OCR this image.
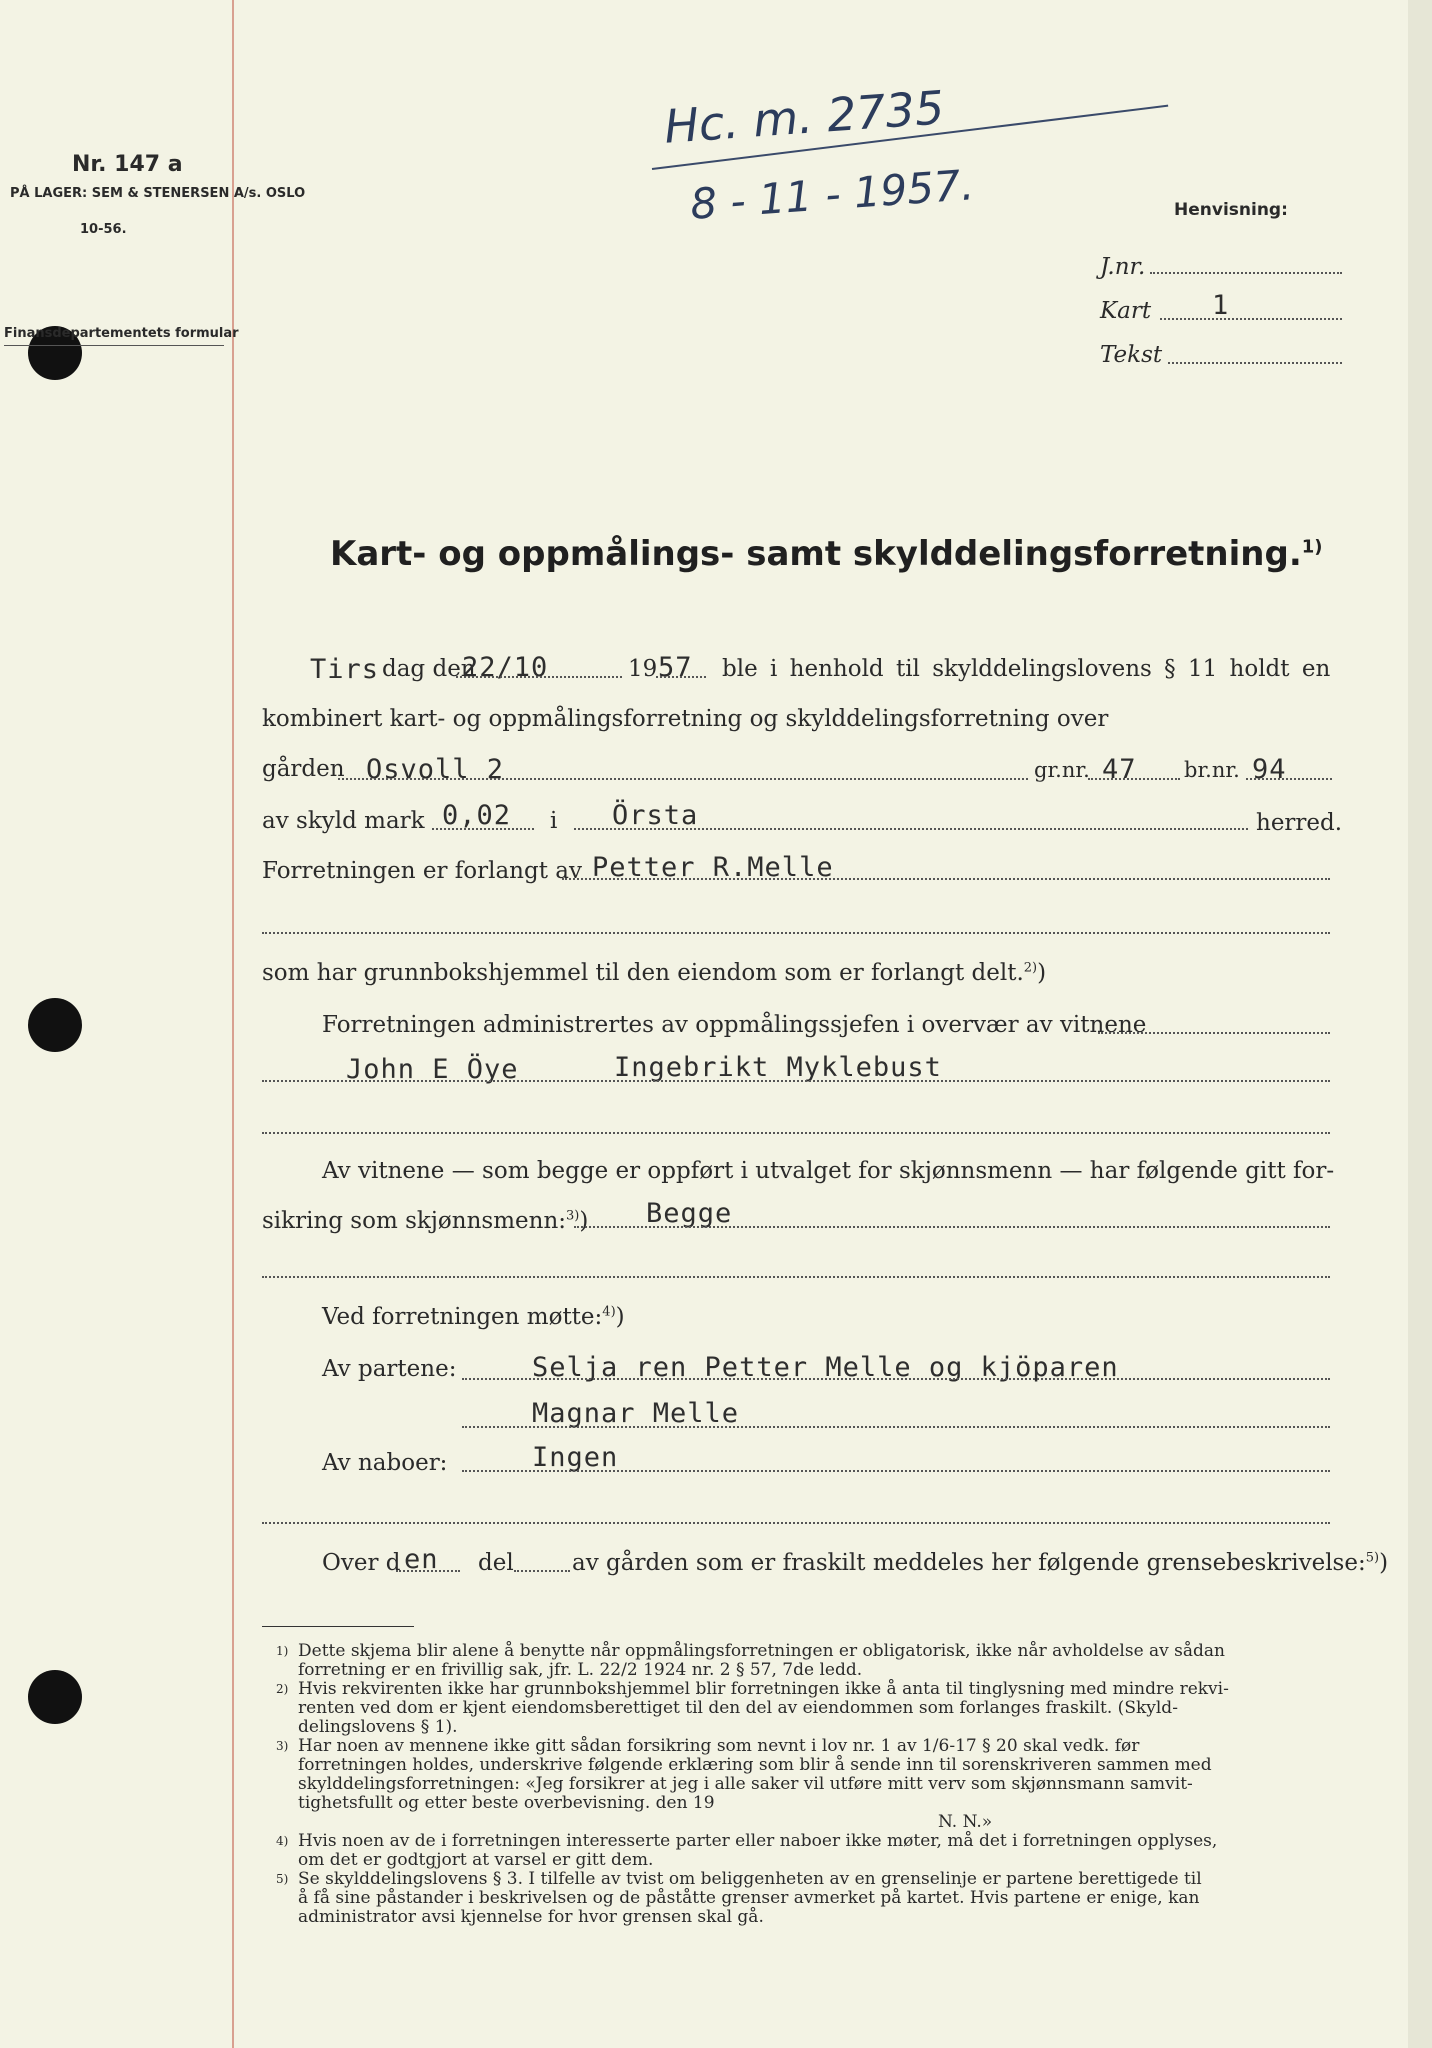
Nr. 147 a
PÅ LAGER: SEM & STENERSEN A/s. OSLO
10-56.
Finansdepartementets formular
Hc. m. 2735
8 - 11 - 1957.	Henvisning:
J.nr.
Kart 1
Tekst
Kart- og oppmålings- samt skylddelingsforretning.$^{1)}$
Tirs dag den
22/10	19 57 ble i henhold til skylddelingslovens § 11 holdt en
kombinert kart- og oppmålingsforretning og skylddelingsforretning over
gården Osvoll 2	gr.nr. 47 br.nr. 94
av skyld mark 0,02 i Örsta	herred.
Forretningen er forlangt av Petter R.Melle
som har grunnbokshjemmel til den eiendom som er forlangt delt.$^{2)}$)
Forretningen administrertes av oppmålingssjefen i overvær av vitnene
John E Öye	Ingebrikt Myklebust
Av vitnene — som begge er oppført i utvalget for skjønnsmenn — har følgende gitt for-
sikring som skjønnsmenn:$^{3)}$) Begge
Ved forretningen møtte:$^{4)}$)
Av partene:	Selja ren Petter Melle og kjöparen
Magnar Melle
Av naboer:	Ingen
Over d en del	av gården som er fraskilt meddeles her følgende grensebeskrivelse:$^{5)}$)
1) Dette skjema blir alene å benytte når oppmålingsforretningen er obligatorisk, ikke når avholdelse av sådan
forretning er en frivillig sak, jfr. L. 22/2 1924 nr. 2 § 57, 7de ledd.
2) Hvis rekvirenten ikke har grunnbokshjemmel blir forretningen ikke å anta til tinglysning med mindre rekvi-
renten ved dom er kjent eiendomsberettiget til den del av eiendommen som forlanges fraskilt. (Skyld-
delingslovens § 1).
3) Har noen av mennene ikke gitt sådan forsikring som nevnt i lov nr. 1 av 1/6-17 § 20 skal vedk. før
forretningen holdes, underskrive følgende erklæring som blir å sende inn til sorenskriveren sammen med
skylddelingsforretningen: «Jeg forsikrer at jeg i alle saker vil utføre mitt verv som skjønnsmann samvit-
tighetsfullt og etter beste overbevisning. den 19
N. N.»
4) Hvis noen av de i forretningen interesserte parter eller naboer ikke møter, må det i forretningen opplyses,
om det er godtgjort at varsel er gitt dem.
5) Se skylddelingslovens § 3. I tilfelle av tvist om beliggenheten av en grenselinje er partene berettigede til
å få sine påstander i beskrivelsen og de påståtte grenser avmerket på kartet. Hvis partene er enige, kan
administrator avsi kjennelse for hvor grensen skal gå.
